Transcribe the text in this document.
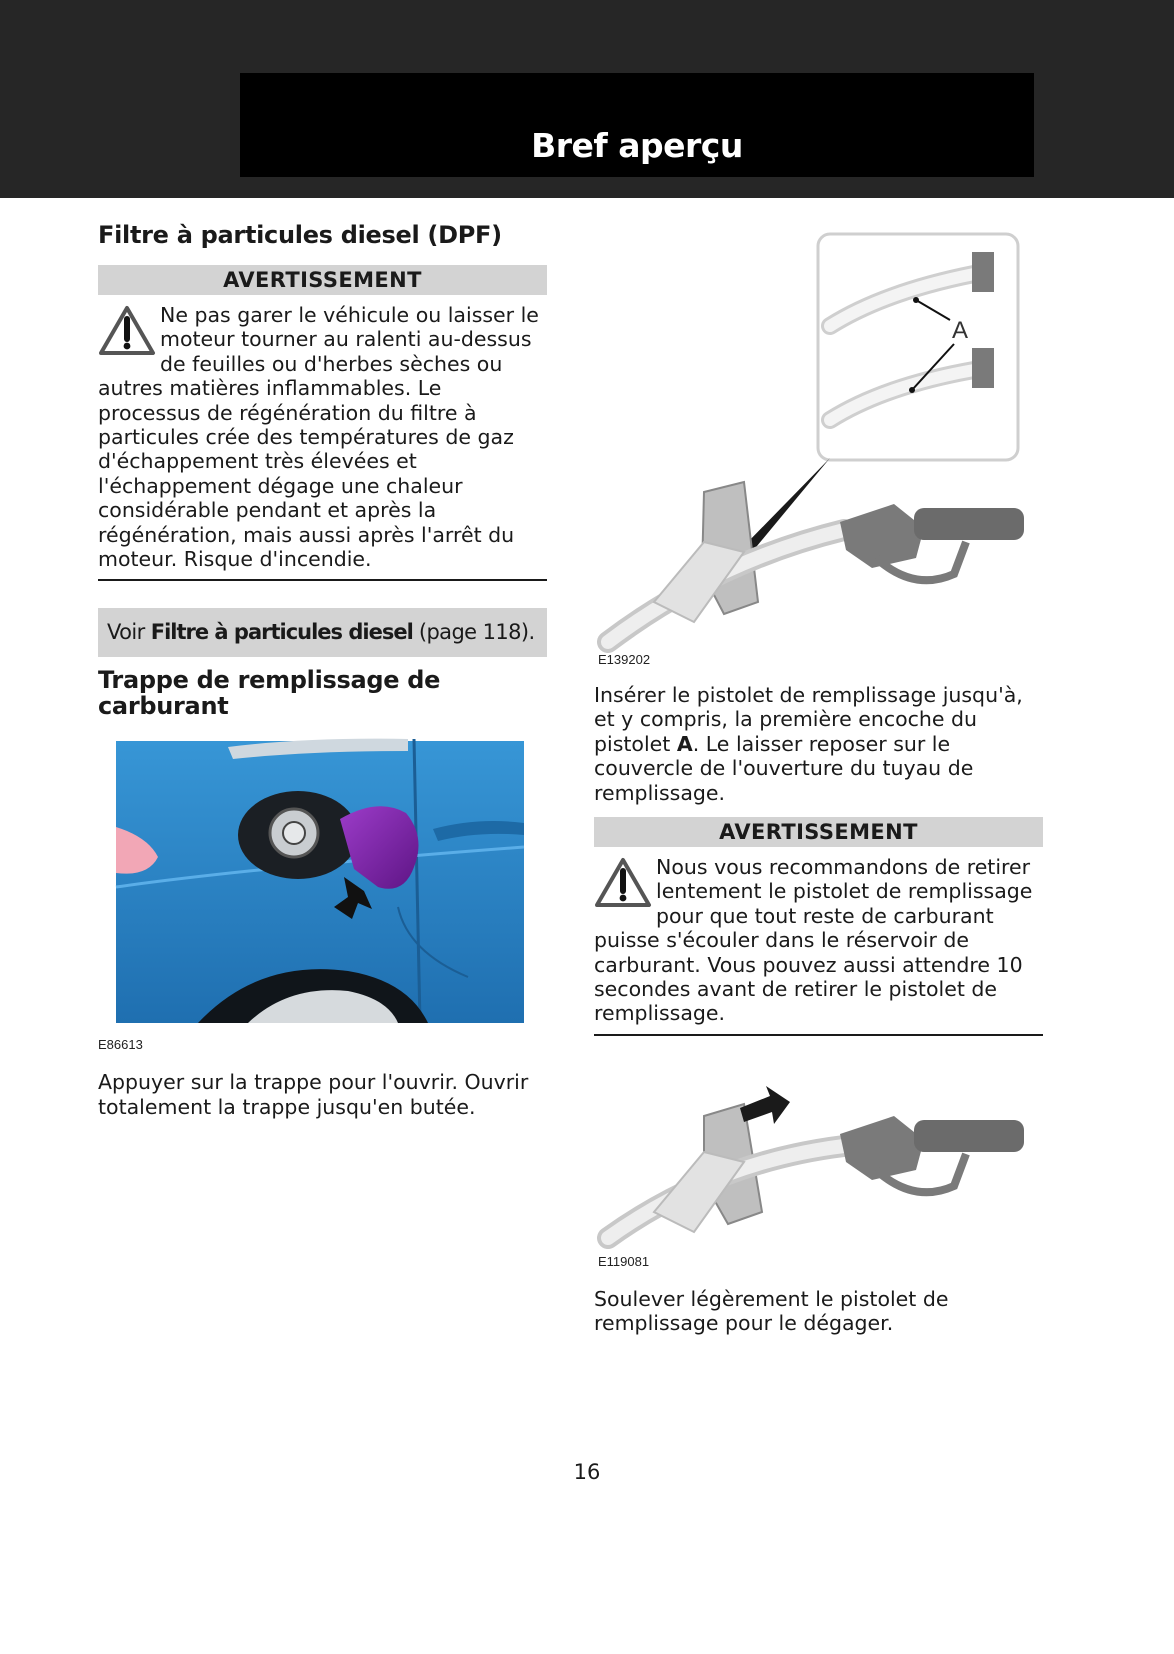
Bref aperçu
Filtre à particules diesel (DPF)
AVERTISSEMENT
Ne pas garer le véhicule ou laisser le moteur tourner au ralenti au-dessus de feuilles ou d'herbes sèches ou autres matières inflammables. Le processus de régénération du filtre à particules crée des températures de gaz d'échappement très élevées et l'échappement dégage une chaleur considérable pendant et après la régénération, mais aussi après l'arrêt du moteur. Risque d'incendie.
Voir Filtre à particules diesel (page 118).
Trappe de remplissage de carburant
E86613

Appuyer sur la trappe pour l'ouvrir. Ouvrir totalement la trappe jusqu'en butée.

A
E139202

Insérer le pistolet de remplissage jusqu'à, et y compris, la première encoche du pistolet A. Le laisser reposer sur le couvercle de l'ouverture du tuyau de remplissage.

AVERTISSEMENT
Nous vous recommandons de retirer lentement le pistolet de remplissage pour que tout reste de carburant puisse s'écouler dans le réservoir de carburant. Vous pouvez aussi attendre 10 secondes avant de retirer le pistolet de remplissage.
E119081

Soulever légèrement le pistolet de remplissage pour le dégager.

16
